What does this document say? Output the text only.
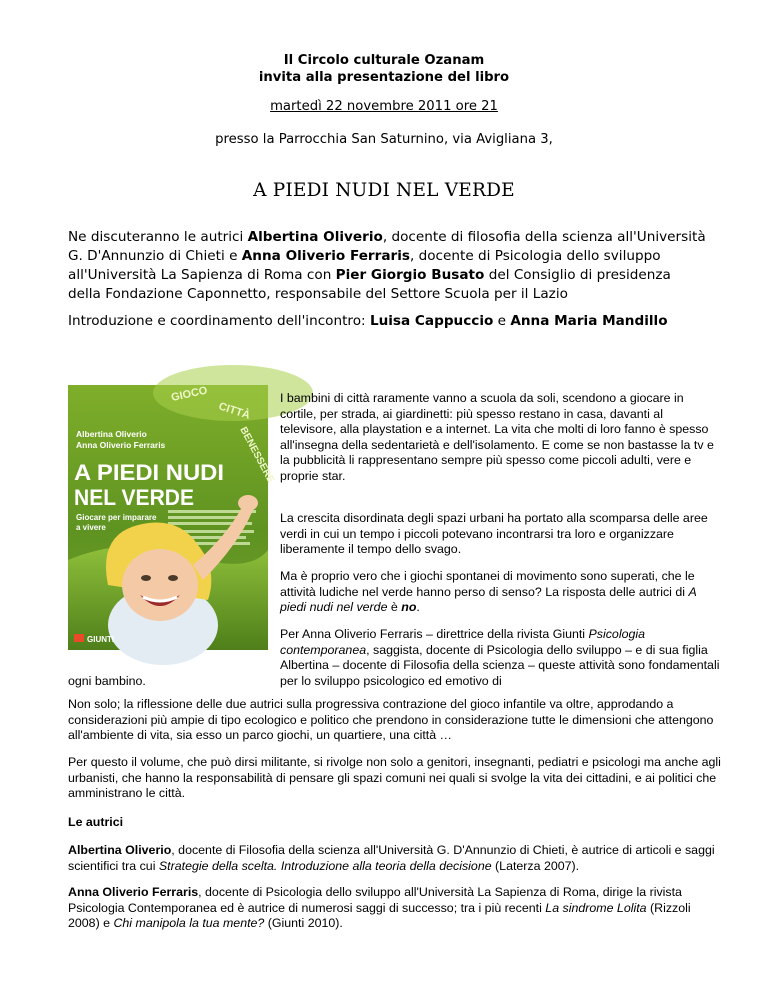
Il Circolo culturale Ozanam
invita alla presentazione del libro
martedì 22 novembre 2011 ore 21
presso la Parrocchia San Saturnino, via Avigliana 3,
A PIEDI NUDI NEL VERDE
Ne discuteranno le autrici Albertina Oliverio, docente di filosofia della scienza all'Università G. D'Annunzio di Chieti e Anna Oliverio Ferraris, docente di Psicologia dello sviluppo all'Università La Sapienza di Roma con Pier Giorgio Busato del Consiglio di presidenza della Fondazione Caponnetto, responsabile del Settore Scuola per il Lazio
Introduzione e coordinamento dell'incontro: Luisa Cappuccio e Anna Maria Mandillo
GIOCO
CITTÀ
BENESSERE
Albertina Oliverio
Anna Oliverio Ferraris
A PIEDI NUDI
NEL VERDE
Giocare per imparare
a vivere
GIUNTI
I bambini di città raramente vanno a scuola da soli, scendono a giocare in cortile, per strada, ai giardinetti: più spesso restano in casa, davanti al televisore, alla playstation e a internet. La vita che molti di loro fanno è spesso all'insegna della sedentarietà e dell'isolamento. E come se non bastasse la tv e la pubblicità li rappresentano sempre più spesso come piccoli adulti, vere e proprie star.
La crescita disordinata degli spazi urbani ha portato alla scomparsa delle aree verdi in cui un tempo i piccoli potevano incontrarsi tra loro e organizzare liberamente il tempo dello svago.
Ma è proprio vero che i giochi spontanei di movimento sono superati, che le attività ludiche nel verde hanno perso di senso? La risposta delle autrici di A piedi nudi nel verde è no.
Per Anna Oliverio Ferraris – direttrice della rivista Giunti Psicologia contemporanea, saggista, docente di Psicologia dello sviluppo – e di sua figlia Albertina – docente di Filosofia della scienza – queste attività sono fondamentali per lo sviluppo psicologico ed emotivo di
ogni bambino.
Non solo; la riflessione delle due autrici sulla progressiva contrazione del gioco infantile va oltre, approdando a considerazioni più ampie di tipo ecologico e politico che prendono in considerazione tutte le dimensioni che attengono all'ambiente di vita, sia esso un parco giochi, un quartiere, una città …
Per questo il volume, che può dirsi militante, si rivolge non solo a genitori, insegnanti, pediatri e psicologi ma anche agli urbanisti, che hanno la responsabilità di pensare gli spazi comuni nei quali si svolge la vita dei cittadini, e ai politici che amministrano le città.
Le autrici
Albertina Oliverio, docente di Filosofia della scienza all'Università G. D'Annunzio di Chieti, è autrice di articoli e saggi scientifici tra cui Strategie della scelta. Introduzione alla teoria della decisione (Laterza 2007).
Anna Oliverio Ferraris, docente di Psicologia dello sviluppo all'Università La Sapienza di Roma, dirige la rivista Psicologia Contemporanea ed è autrice di numerosi saggi di successo; tra i più recenti La sindrome Lolita (Rizzoli 2008) e Chi manipola la tua mente? (Giunti 2010).
